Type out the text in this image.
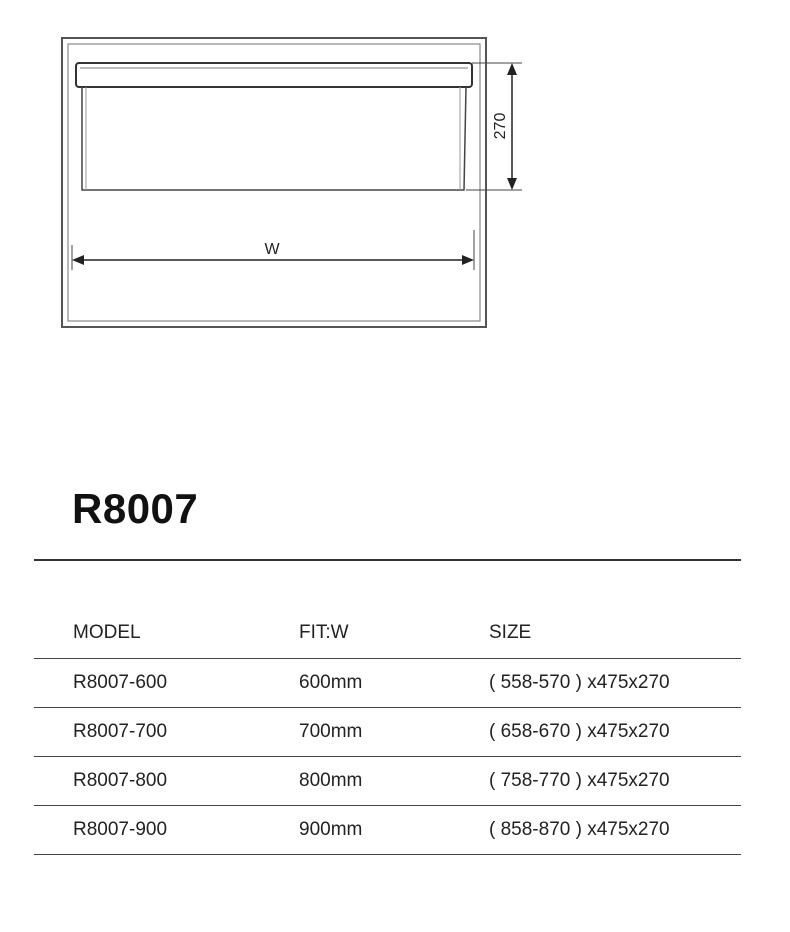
270
W
R8007
MODEL	FIT:W	SIZE
R8007-600	600mm	( 558-570 ) x475x270
R8007-700	700mm	( 658-670 ) x475x270
R8007-800	800mm	( 758-770 ) x475x270
R8007-900	900mm	( 858-870 ) x475x270
